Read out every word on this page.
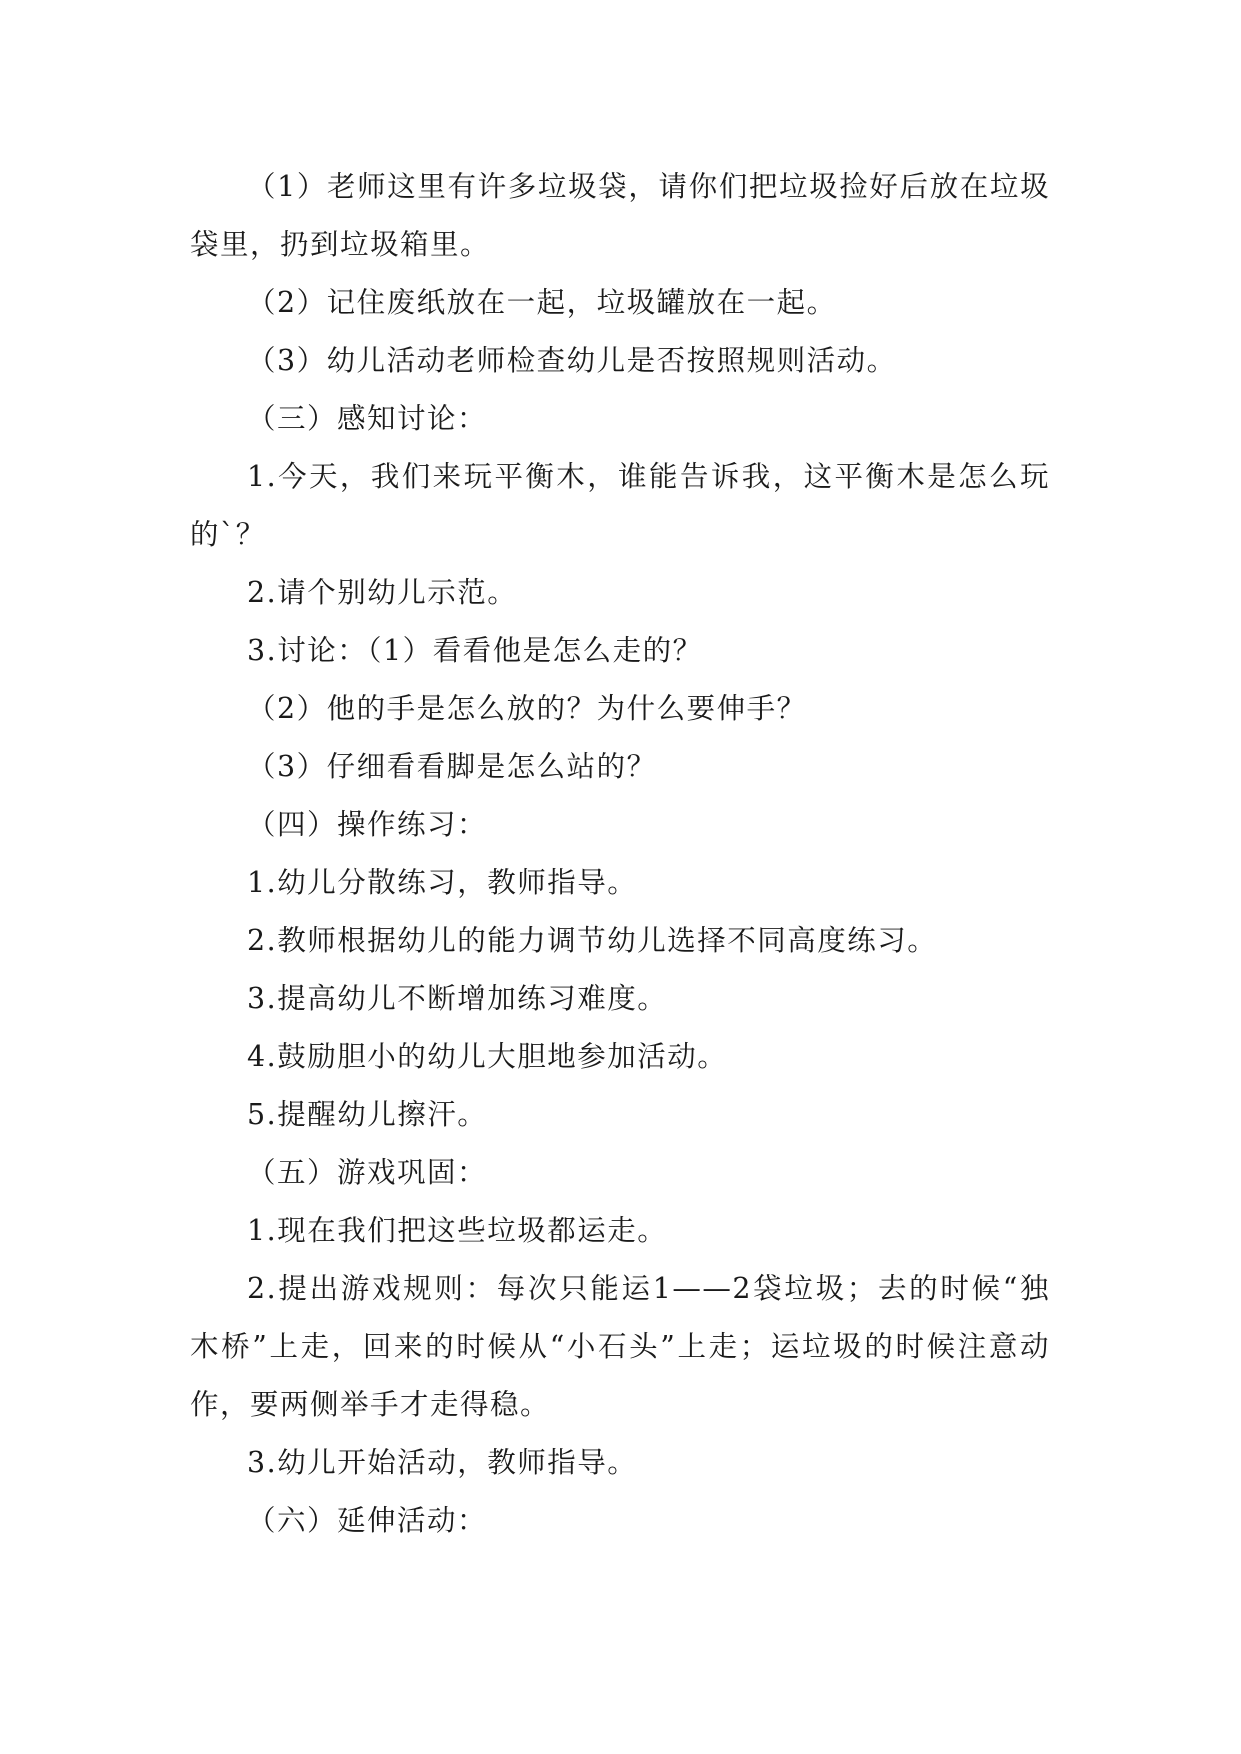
（1）老师这里有许多垃圾袋，请你们把垃圾捡好后放在垃圾袋里，扔到垃圾箱里。

（2）记住废纸放在一起，垃圾罐放在一起。

（3）幼儿活动老师检查幼儿是否按照规则活动。

（三）感知讨论：

1.今天，我们来玩平衡木，谁能告诉我，这平衡木是怎么玩的`？

2.请个别幼儿示范。

3.讨论：（1）看看他是怎么走的？

（2）他的手是怎么放的？为什么要伸手？

（3）仔细看看脚是怎么站的？

（四）操作练习：

1.幼儿分散练习，教师指导。

2.教师根据幼儿的能力调节幼儿选择不同高度练习。

3.提高幼儿不断增加练习难度。

4.鼓励胆小的幼儿大胆地参加活动。

5.提醒幼儿擦汗。

（五）游戏巩固：

1.现在我们把这些垃圾都运走。

2.提出游戏规则：每次只能运1——2袋垃圾；去的时候“独木桥”上走，回来的时候从“小石头”上走；运垃圾的时候注意动作，要两侧举手才走得稳。

3.幼儿开始活动，教师指导。

（六）延伸活动：
